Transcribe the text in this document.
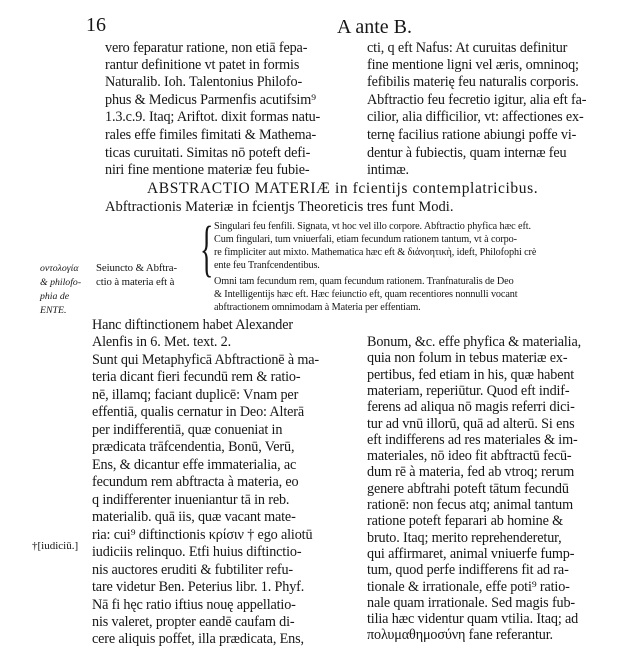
16	A ante B.
vero feparatur ratione, non etiā fepa-
rantur definitione vt patet in formis
Naturalib. Ioh. Talentonius Philofo-
phus & Medicus Parmenfis acutifsim⁹
1.3.c.9. Itaq; Ariftot. dixit formas natu-
rales effe fimiles fimitati & Mathema-
ticas curuitati. Simitas nō poteft defi-
niri fine mentione materiæ feu fubie-
cti, q eft Nafus: At curuitas definitur
fine mentione ligni vel æris, omninoq;
fefibilis materię feu naturalis corporis.
Abftractio feu fecretio igitur, alia eft fa-
cilior, alia difficilior, vt: affectiones ex-
ternę facilius ratione abiungi poffe vi-
dentur à fubiectis, quam internæ feu
intimæ.
ABSTRACTIO MATERIÆ in fcientijs contemplatricibus.
Abftractionis Materiæ in fcientjs Theoreticis tres funt Modi.
οντολογία
& philofo-
phia de
ENTE.
Seiuncto & Abftra-
ctio à materia eft à { Singulari feu fenfili. Signata, vt hoc vel illo corpore. Abftractio phyfica hæc eft.
Cum fingulari, tum vniuerfali, etiam fecundum rationem tantum, vt à corpo-
re fimpliciter aut mixto. Mathematica hæc eft & διἀνοητικὴ, ideft, Philofophi crè
ente feu Tranfcendentibus.
Omni tam fecundum rem, quam fecundum rationem. Tranfnaturalis de Deo
& Intelligentijs hæc eft. Hæc feiunctio eft, quam recentiores nonnulli vocant
abftractionem omnimodam à Materia per effentiam.
Hanc diftinctionem habet Alexander
Alenfis in 6. Met. text. 2.
Sunt qui Metaphyficā Abftractionē à ma-
teria dicant fieri fecundū rem & ratio-
nē, illamq; faciant duplicē: Vnam per
effentiā, qualis cernatur in Deo: Alterā
per indifferentiā, quæ conueniat in
prædicata trāfcendentia, Bonū, Verū,
Ens, & dicantur effe immaterialia, ac
fecundum rem abftracta à materia, eo
q indifferenter inueniantur tā in reb.
materialib. quā iis, quæ vacant mate-
ria: cui⁹ diftinctionis κρίσιν † ego aliotū
iudiciis relinquo. Etfi huius diftinctio-
nis auctores eruditi & fubtiliter refu-
tare videtur Ben. Peterius libr. 1. Phyf.
Nā fi hęc ratio iftius nouę appellatio-
nis valeret, propter eandē caufam di-
cere aliquis poffet, illa prædicata, Ens,
†[iudiciū.]
Bonum, &c. effe phyfica & materialia,
quia non folum in tebus materiæ ex-
pertibus, fed etiam in his, quæ habent
materiam, reperiūtur. Quod eft indif-
ferens ad aliqua nō magis referri dici-
tur ad vnū illorū, quā ad alterū. Si ens
eft indifferens ad res materiales & im-
materiales, nō ideo fit abftractū fecū-
dum rē à materia, fed ab vtroq; rerum
genere abftrahi poteft tātum fecundū
rationē: non fecus atq; animal tantum
ratione poteft feparari ab homine &
bruto. Itaq; merito reprehenderetur,
qui affirmaret, animal vniuerfe fump-
tum, quod perfe indifferens fit ad ra-
tionale & irrationale, effe poti⁹ ratio-
nale quam irrationale. Sed magis fub-
tilia hæc videntur quam vtilia. Itaq; ad
πολυμαθημοσύνη fane referantur.
